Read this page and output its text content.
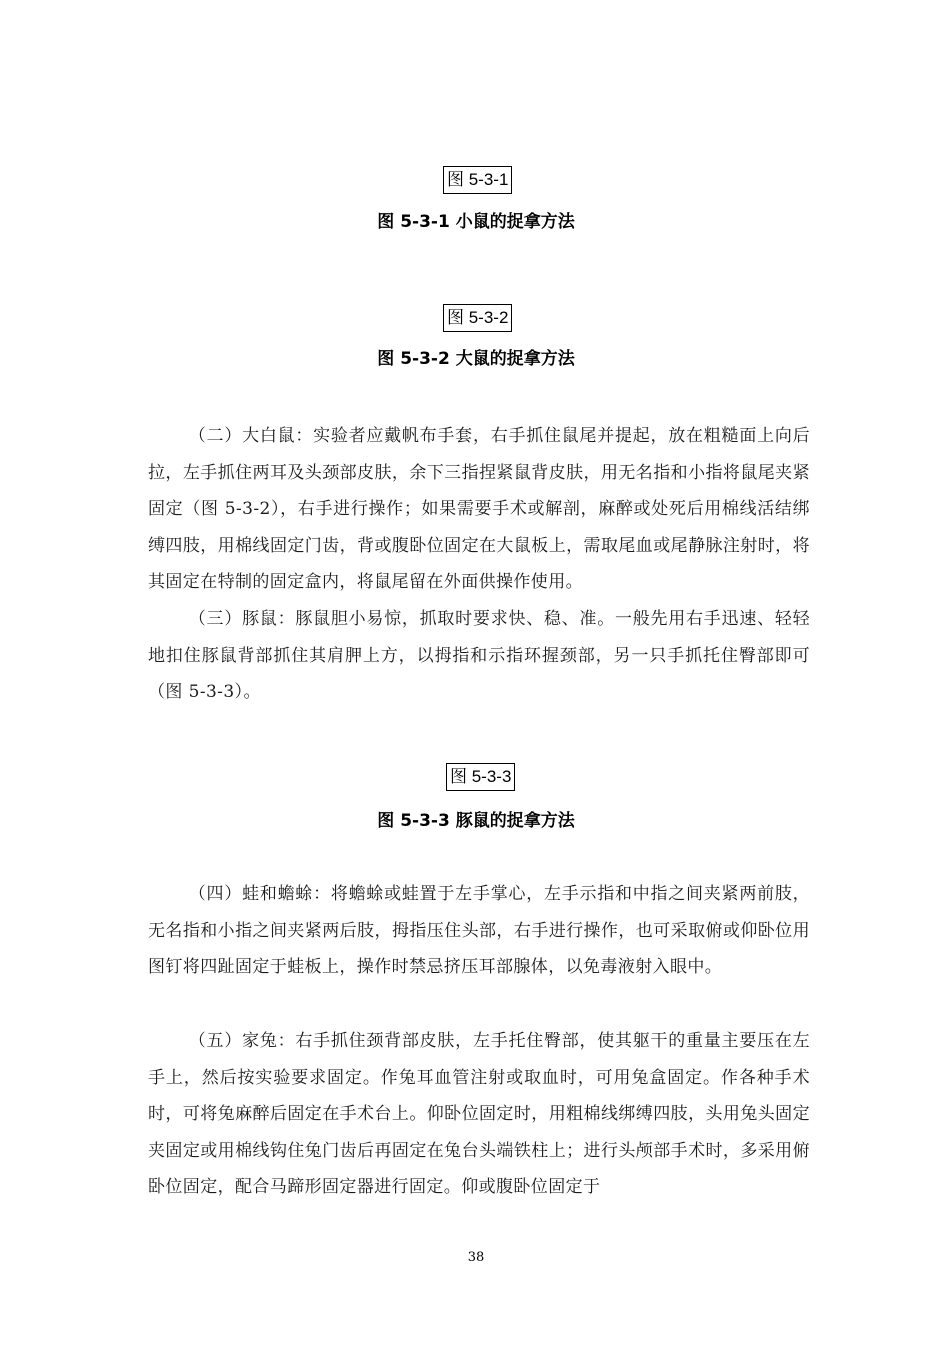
图 5-3-1
图 5-3-1 小鼠的捉拿方法
图 5-3-2
图 5-3-2 大鼠的捉拿方法

（二）大白鼠：实验者应戴帆布手套，右手抓住鼠尾并提起，放在粗糙面上向后拉，左手抓住两耳及头颈部皮肤，余下三指捏紧鼠背皮肤，用无名指和小指将鼠尾夹紧固定（图 5-3-2），右手进行操作；如果需要手术或解剖，麻醉或处死后用棉线活结绑缚四肢，用棉线固定门齿，背或腹卧位固定在大鼠板上，需取尾血或尾静脉注射时，将其固定在特制的固定盒内，将鼠尾留在外面供操作使用。

（三）豚鼠：豚鼠胆小易惊，抓取时要求快、稳、准。一般先用右手迅速、轻轻地扣住豚鼠背部抓住其肩胛上方，以拇指和示指环握颈部，另一只手抓托住臀部即可（图 5-3-3）。

图 5-3-3
图 5-3-3 豚鼠的捉拿方法

（四）蛙和蟾蜍：将蟾蜍或蛙置于左手掌心，左手示指和中指之间夹紧两前肢，无名指和小指之间夹紧两后肢，拇指压住头部，右手进行操作，也可采取俯或仰卧位用图钉将四趾固定于蛙板上，操作时禁忌挤压耳部腺体，以免毒液射入眼中。

（五）家兔：右手抓住颈背部皮肤，左手托住臀部，使其躯干的重量主要压在左手上，然后按实验要求固定。作兔耳血管注射或取血时，可用兔盒固定。作各种手术时，可将兔麻醉后固定在手术台上。仰卧位固定时，用粗棉线绑缚四肢，头用兔头固定夹固定或用棉线钩住兔门齿后再固定在兔台头端铁柱上；进行头颅部手术时，多采用俯卧位固定，配合马蹄形固定器进行固定。仰或腹卧位固定于

38
